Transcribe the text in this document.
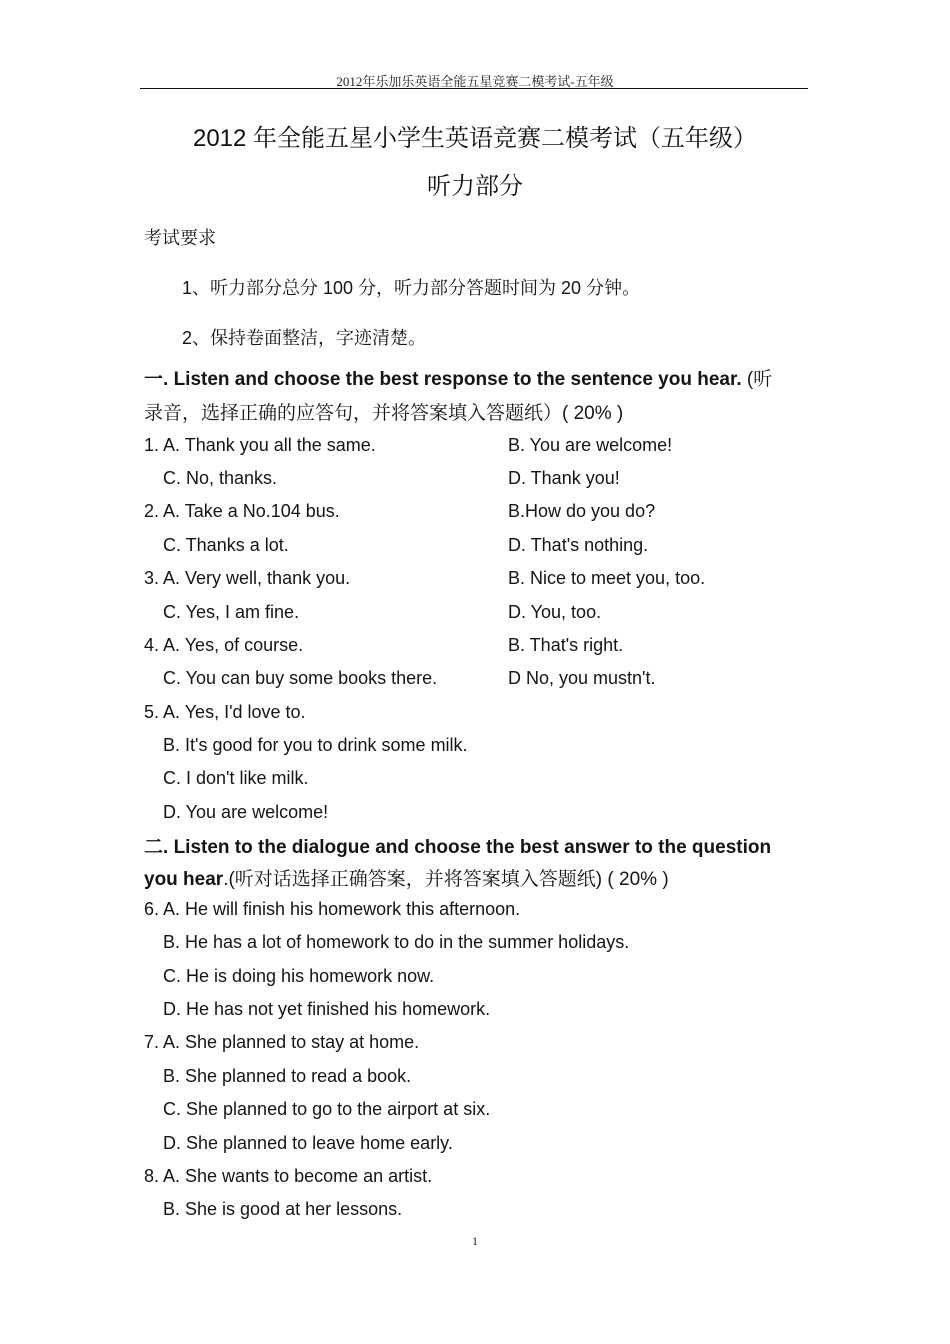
2012年乐加乐英语全能五星竞赛二模考试-五年级
2012 年全能五星小学生英语竞赛二模考试（五年级）
听力部分
考试要求
1、听力部分总分 100 分，听力部分答题时间为 20 分钟。
2、保持卷面整洁，字迹清楚。
一. Listen and choose the best response to the sentence you hear. (听
录音，选择正确的应答句，并将答案填入答题纸）( 20% )
1. A. Thank you all the same.	B. You are welcome!
C. No, thanks.	D. Thank you!
2. A. Take a No.104 bus.	B.How do you do?
C. Thanks a lot.	D. That's nothing.
3. A. Very well, thank you.	B. Nice to meet you, too.
C. Yes, I am fine.	D. You, too.
4. A. Yes, of course.	B. That's right.
C. You can buy some books there.	D No, you mustn't.
5. A. Yes, I'd love to.
B. It's good for you to drink some milk.
C. I don't like milk.
D. You are welcome!
二. Listen to the dialogue and choose the best answer to the question
you hear.(听对话选择正确答案，并将答案填入答题纸) ( 20% )
6. A. He will finish his homework this afternoon.
B. He has a lot of homework to do in the summer holidays.
C. He is doing his homework now.
D. He has not yet finished his homework.
7. A. She planned to stay at home.
B. She planned to read a book.
C. She planned to go to the airport at six.
D. She planned to leave home early.
8. A. She wants to become an artist.
B. She is good at her lessons.
1
